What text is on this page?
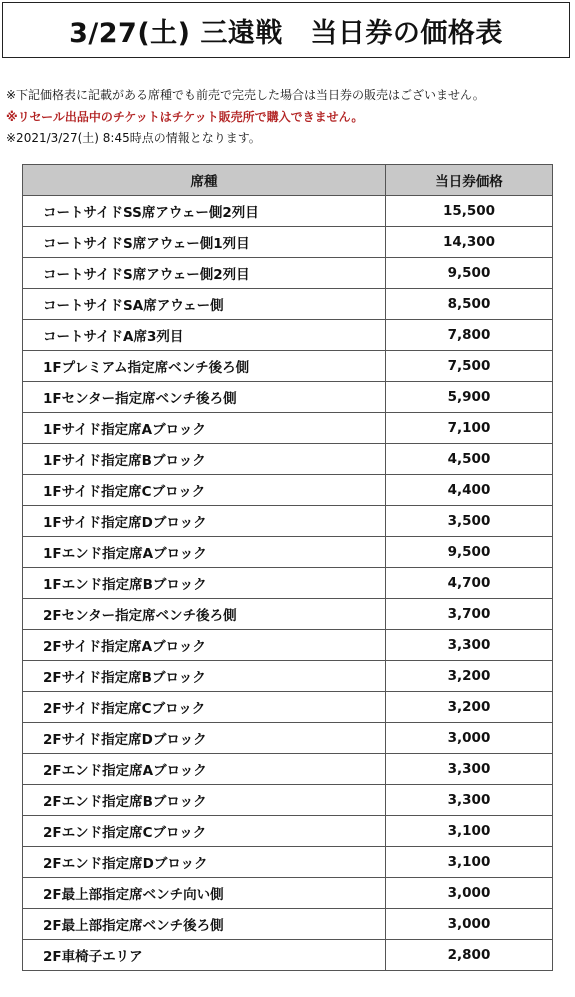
3/27(土) 三遠戦　当日券の価格表
※下記価格表に記載がある席種でも前売で完売した場合は当日券の販売はございません。
※リセール出品中のチケットはチケット販売所で購入できません。
※2021/3/27(土) 8:45時点の情報となります。
席種	当日券価格
コートサイドSS席アウェー側2列目	15,500
コートサイドS席アウェー側1列目	14,300
コートサイドS席アウェー側2列目	9,500
コートサイドSA席アウェー側	8,500
コートサイドA席3列目	7,800
1Fプレミアム指定席ベンチ後ろ側	7,500
1Fセンター指定席ベンチ後ろ側	5,900
1Fサイド指定席Aブロック	7,100
1Fサイド指定席Bブロック	4,500
1Fサイド指定席Cブロック	4,400
1Fサイド指定席Dブロック	3,500
1Fエンド指定席Aブロック	9,500
1Fエンド指定席Bブロック	4,700
2Fセンター指定席ベンチ後ろ側	3,700
2Fサイド指定席Aブロック	3,300
2Fサイド指定席Bブロック	3,200
2Fサイド指定席Cブロック	3,200
2Fサイド指定席Dブロック	3,000
2Fエンド指定席Aブロック	3,300
2Fエンド指定席Bブロック	3,300
2Fエンド指定席Cブロック	3,100
2Fエンド指定席Dブロック	3,100
2F最上部指定席ベンチ向い側	3,000
2F最上部指定席ベンチ後ろ側	3,000
2F車椅子エリア	2,800
